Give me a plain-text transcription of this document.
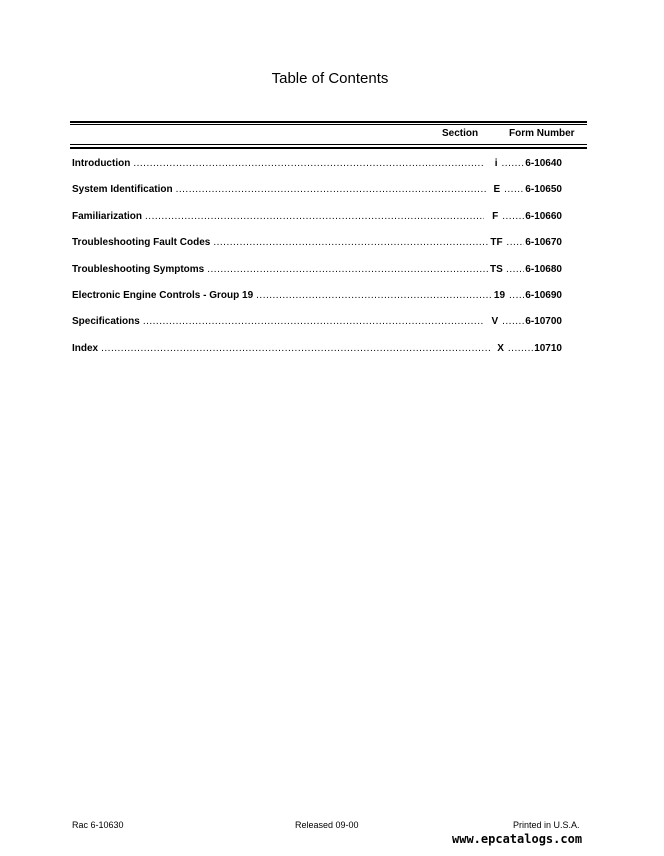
Table of Contents
Section	Form Number
Introduction .....	i .....	6-10640
System Identification .....	E .....	6-10650
Familiarization .....	F .....	6-10660
Troubleshooting Fault Codes .....	TF ..... 6-10670
Troubleshooting Symptoms .....	TS ..... 6-10680
Electronic Engine Controls - Group 19 .....	19 ..... 6-10690
Specifications .....	V .....	6-10700
Index .....	X .....	10710
Rac 6-10630	Released 09-00	Printed in U.S.A.
www.epcatalogs.com
